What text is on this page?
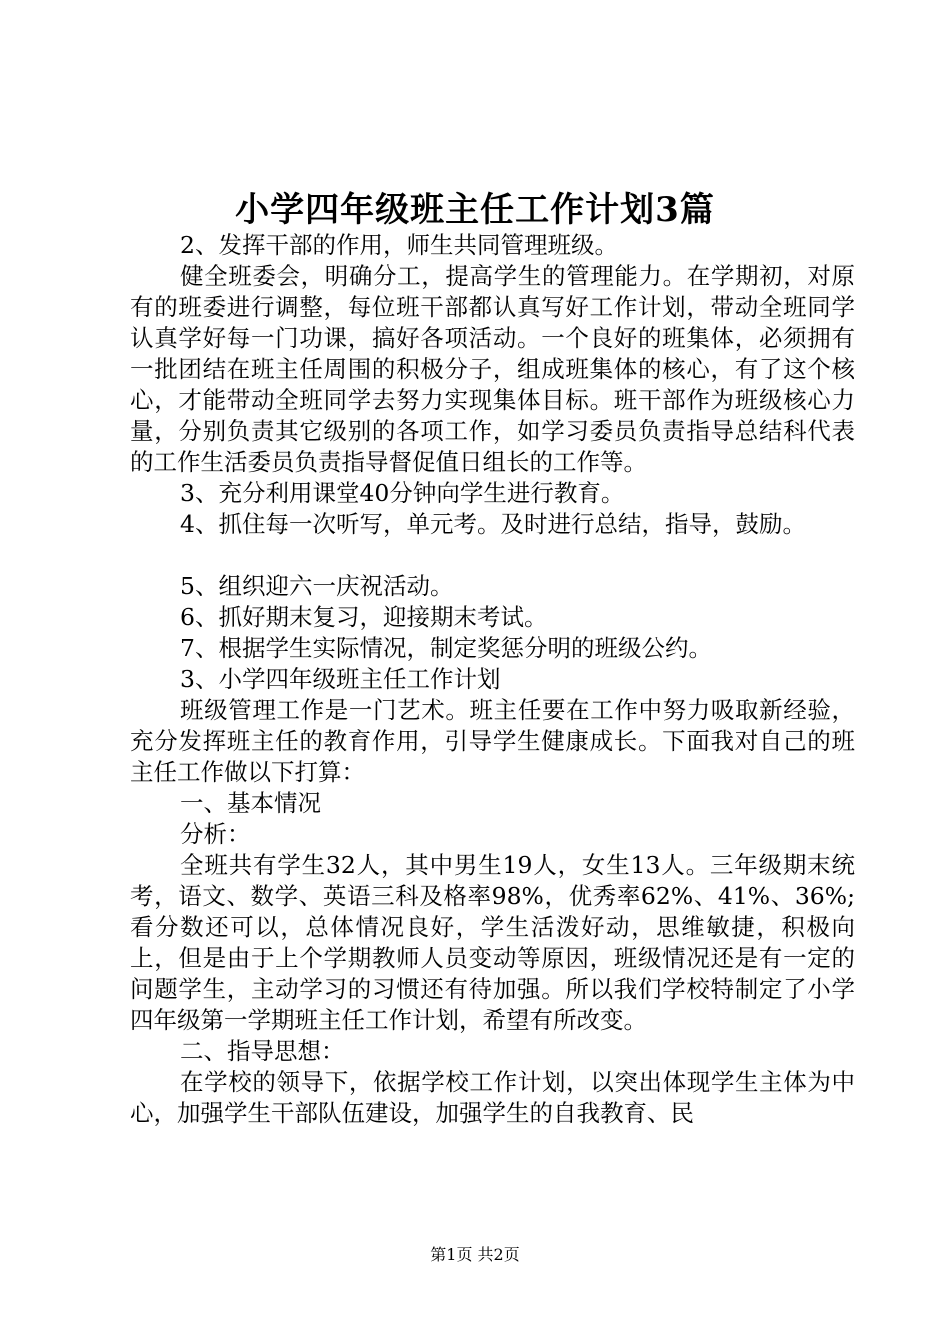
小学四年级班主任工作计划3篇

2、发挥干部的作用，师生共同管理班级。

健全班委会，明确分工，提高学生的管理能力。在学期初，对原有的班委进行调整，每位班干部都认真写好工作计划，带动全班同学认真学好每一门功课，搞好各项活动。一个良好的班集体，必须拥有一批团结在班主任周围的积极分子，组成班集体的核心，有了这个核心，才能带动全班同学去努力实现集体目标。班干部作为班级核心力量，分别负责其它级别的各项工作，如学习委员负责指导总结科代表的工作生活委员负责指导督促值日组长的工作等。

3、充分利用课堂40分钟向学生进行教育。

4、抓住每一次听写，单元考。及时进行总结，指导，鼓励。

5、组织迎六一庆祝活动。

6、抓好期末复习，迎接期末考试。

7、根据学生实际情况，制定奖惩分明的班级公约。

3、小学四年级班主任工作计划

班级管理工作是一门艺术。班主任要在工作中努力吸取新经验，充分发挥班主任的教育作用，引导学生健康成长。下面我对自己的班主任工作做以下打算：

一、基本情况

分析：

全班共有学生32人，其中男生19人，女生13人。三年级期末统考，语文、数学、英语三科及格率98%，优秀率62%、41%、36%;看分数还可以，总体情况良好，学生活泼好动，思维敏捷，积极向上，但是由于上个学期教师人员变动等原因，班级情况还是有一定的问题学生，主动学习的习惯还有待加强。所以我们学校特制定了小学四年级第一学期班主任工作计划，希望有所改变。

二、指导思想：

在学校的领导下，依据学校工作计划，以突出体现学生主体为中心，加强学生干部队伍建设，加强学生的自我教育、民

第1页 共2页
